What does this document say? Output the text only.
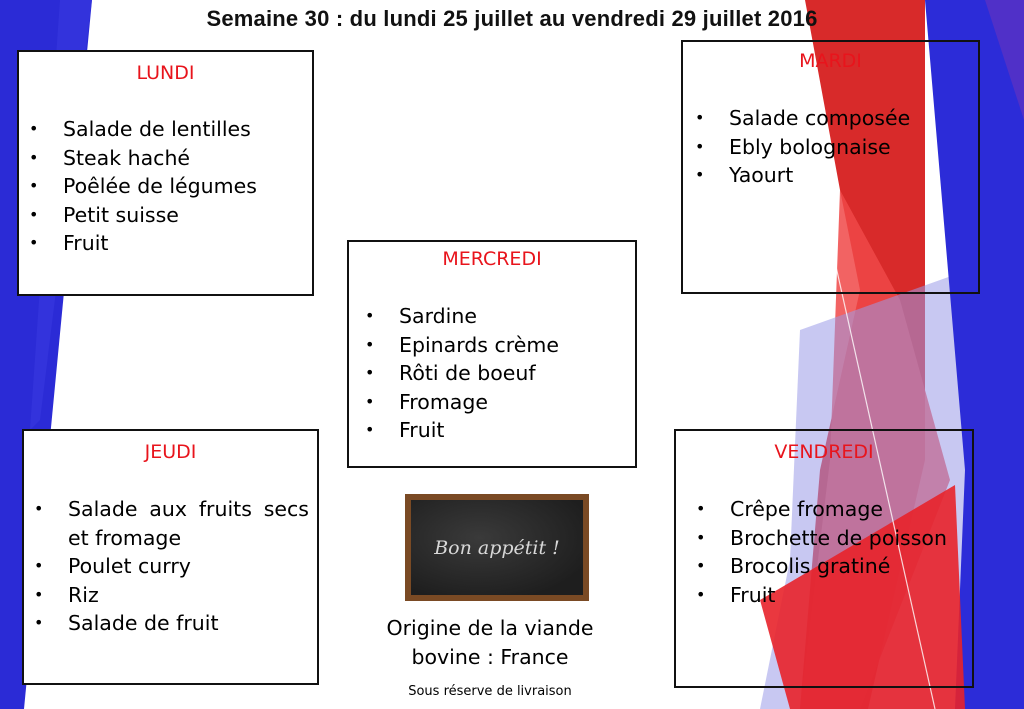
Semaine 30 : du lundi 25 juillet au vendredi 29 juillet 2016
LUNDI
• Salade de lentilles
• Steak haché
• Poêlée de légumes
• Petit suisse
• Fruit
MARDI
• Salade composée
• Ebly bolognaise
• Yaourt
MERCREDI
• Sardine
• Epinards crème
• Rôti de boeuf
• Fromage
• Fruit
JEUDI
• Salade aux fruits secs et fromage
• Poulet curry
• Riz
• Salade de fruit
VENDREDI
• Crêpe fromage
• Brochette de poisson
• Brocolis gratiné
• Fruit
Bon appétit !
Origine de la viande
bovine : France
Sous réserve de livraison
